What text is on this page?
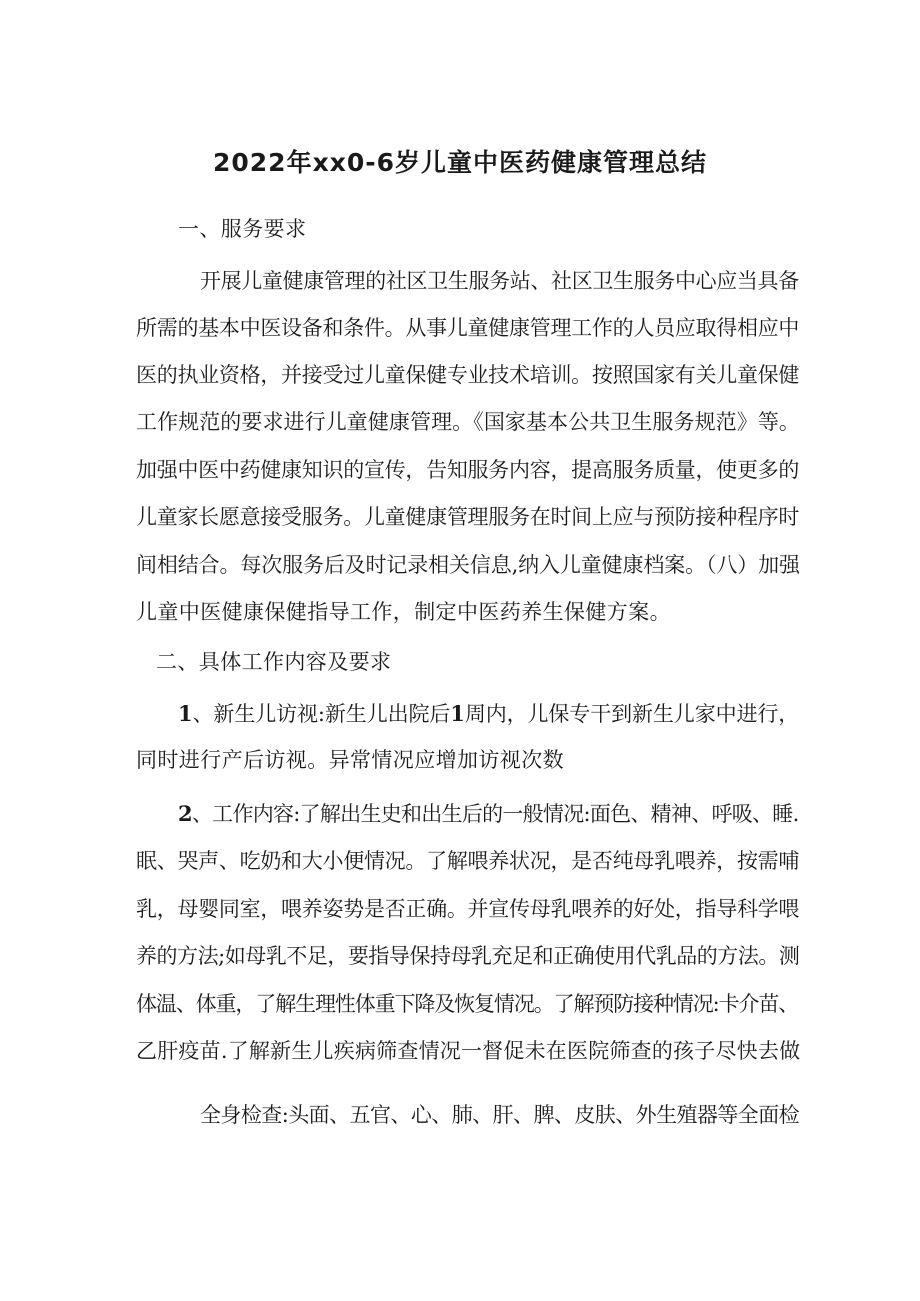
2022年xx0-6岁儿童中医药健康管理总结
一、服务要求
开展儿童健康管理的社区卫生服务站、社区卫生服务中心应当具备
所需的基本中医设备和条件。从事儿童健康管理工作的人员应取得相应中
医的执业资格，并接受过儿童保健专业技术培训。按照国家有关儿童保健
工作规范的要求进行儿童健康管理。《国家基本公共卫生服务规范》等。
加强中医中药健康知识的宣传，告知服务内容，提高服务质量，使更多的
儿童家长愿意接受服务。儿童健康管理服务在时间上应与预防接种程序时
间相结合。每次服务后及时记录相关信息,纳入儿童健康档案。（八）加强
儿童中医健康保健指导工作，制定中医药养生保健方案。
二、具体工作内容及要求
1、新生儿访视:新生儿出院后1周内，儿保专干到新生儿家中进行，
同时进行产后访视。异常情况应增加访视次数
2、工作内容:了解出生史和出生后的一般情况:面色、精神、呼吸、睡.
眠、哭声、吃奶和大小便情况。了解喂养状况，是否纯母乳喂养，按需哺
乳，母婴同室，喂养姿势是否正确。并宣传母乳喂养的好处，指导科学喂
养的方法;如母乳不足，要指导保持母乳充足和正确使用代乳品的方法。测
体温、体重，了解生理性体重下降及恢复情况。了解预防接种情况:卡介苗、
乙肝疫苗.了解新生儿疾病筛查情况一督促未在医院筛查的孩子尽快去做
全身检查:头面、五官、心、肺、肝、脾、皮肤、外生殖器等全面检
